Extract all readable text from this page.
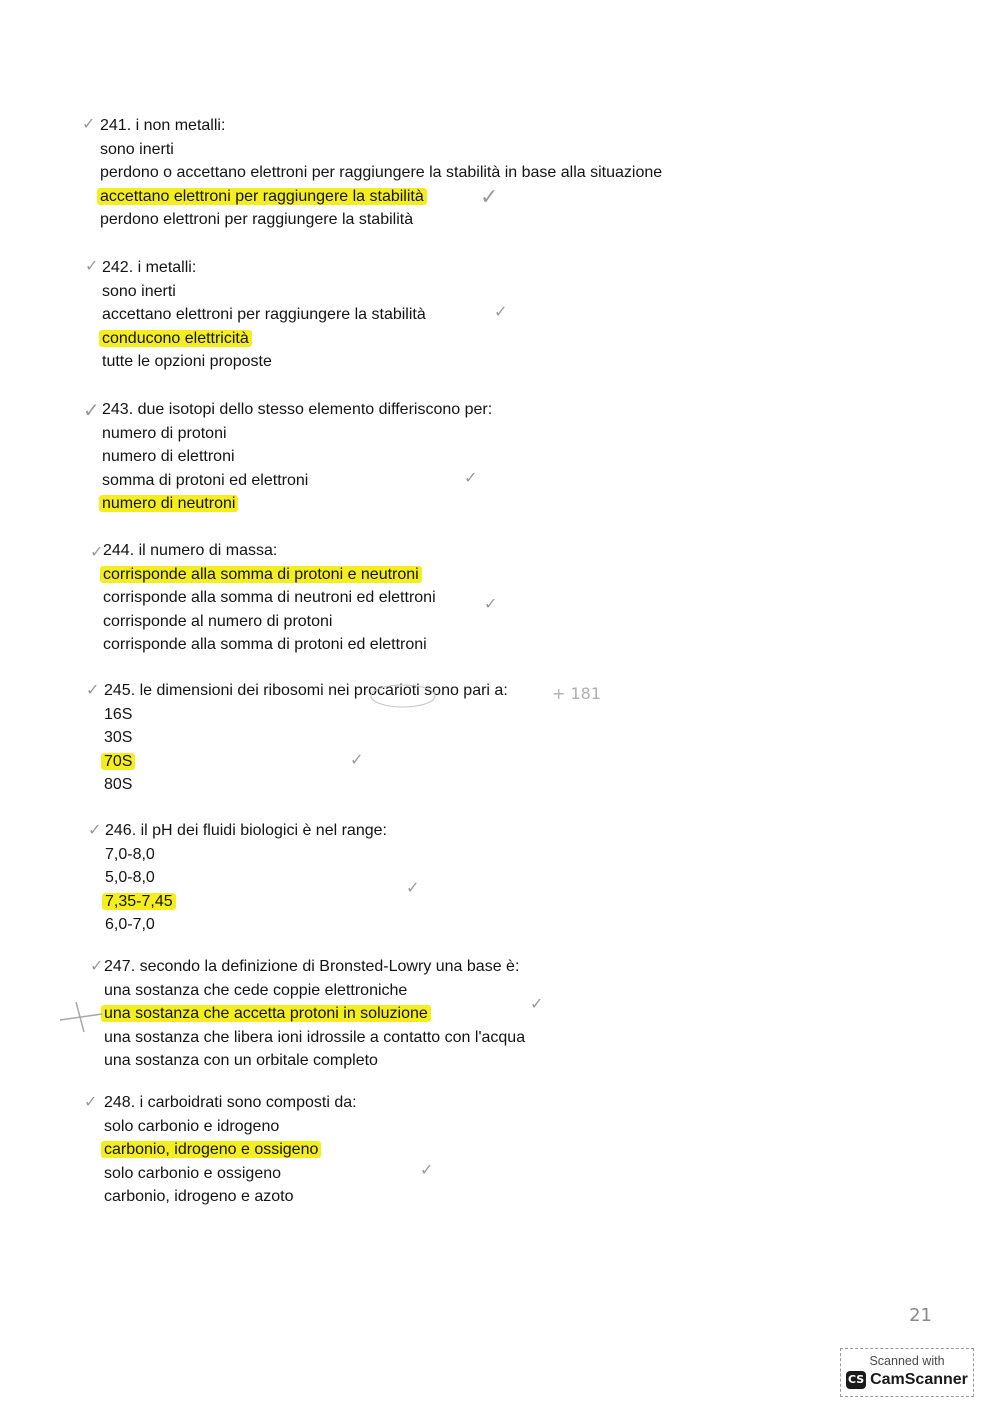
241. i non metalli:
sono inerti
perdono o accettano elettroni per raggiungere la stabilità in base alla situazione
accettano elettroni per raggiungere la stabilità
perdono elettroni per raggiungere la stabilità
242. i metalli:
sono inerti
accettano elettroni per raggiungere la stabilità
conducono elettricità
tutte le opzioni proposte
243. due isotopi dello stesso elemento differiscono per:
numero di protoni
numero di elettroni
somma di protoni ed elettroni
numero di neutroni
244. il numero di massa:
corrisponde alla somma di protoni e neutroni
corrisponde alla somma di neutroni ed elettroni
corrisponde al numero di protoni
corrisponde alla somma di protoni ed elettroni
245. le dimensioni dei ribosomi nei procarioti sono pari a:
16S
30S
70S
80S
246. il pH dei fluidi biologici è nel range:
7,0-8,0
5,0-8,0
7,35-7,45
6,0-7,0
247. secondo la definizione di Bronsted-Lowry una base è:
una sostanza che cede coppie elettroniche
una sostanza che accetta protoni in soluzione
una sostanza che libera ioni idrossile a contatto con l'acqua
una sostanza con un orbitale completo
248. i carboidrati sono composti da:
solo carbonio e idrogeno
carbonio, idrogeno e ossigeno
solo carbonio e ossigeno
carbonio, idrogeno e azoto
✓
✓
✓
✓
✓
✓
✓
✓
✓
✓
✓
✓
✓
✓
✓
✓
+ 181
21
Scanned with
CS CamScanner
